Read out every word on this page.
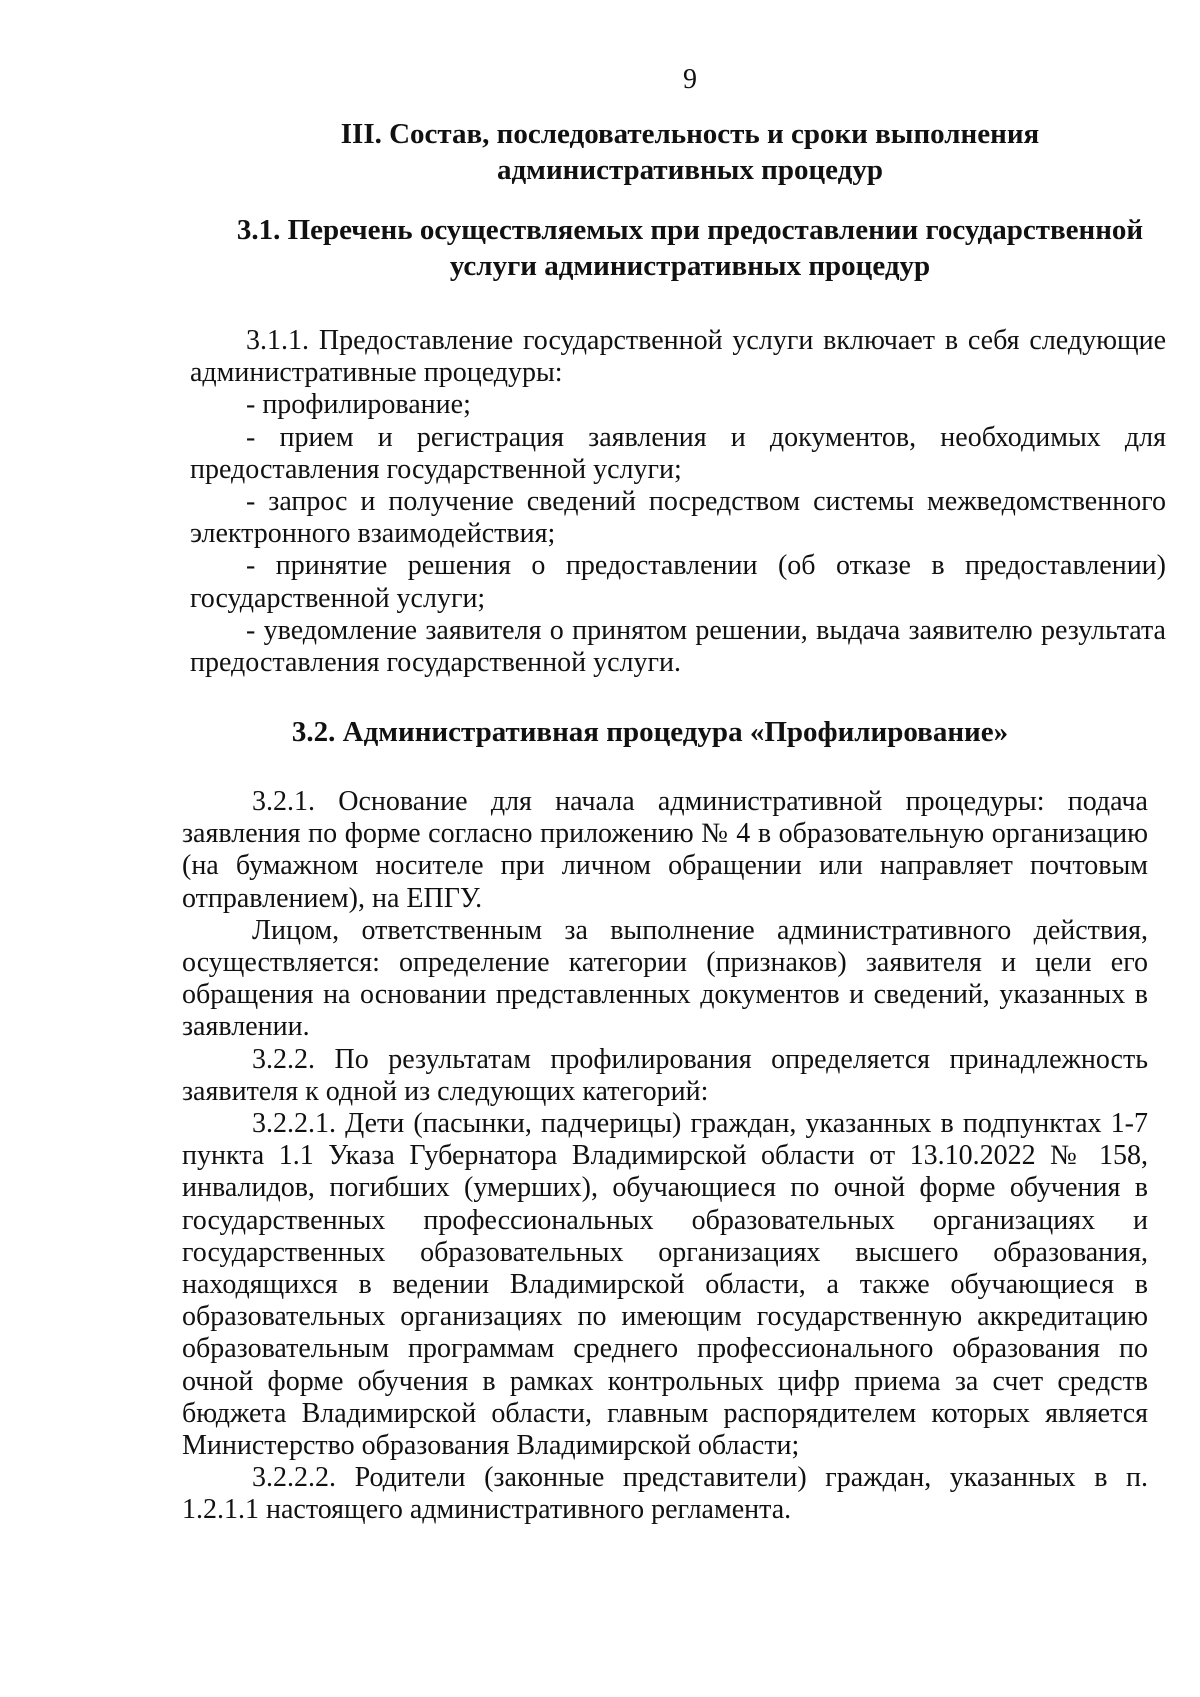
9
III. Состав, последовательность и сроки выполнения
административных процедур
3.1. Перечень осуществляемых при предоставлении государственной
услуги административных процедур

3.1.1. Предоставление государственной услуги включает в себя следующие административные процедуры:

- профилирование;

- прием и регистрация заявления и документов, необходимых для предоставления государственной услуги;

- запрос и получение сведений посредством системы межведомственного электронного взаимодействия;

- принятие решения о предоставлении (об отказе в предоставлении) государственной услуги;

- уведомление заявителя о принятом решении, выдача заявителю результата предоставления государственной услуги.

3.2. Административная процедура «Профилирование»

3.2.1. Основание для начала административной процедуры: подача заявления по форме согласно приложению № 4 в образовательную организацию (на бумажном носителе при личном обращении или направляет почтовым отправлением), на ЕПГУ.

Лицом, ответственным за выполнение административного действия, осуществляется: определение категории (признаков) заявителя и цели его обращения на основании представленных документов и сведений, указанных в заявлении.

3.2.2. По результатам профилирования определяется принадлежность заявителя к одной из следующих категорий:

3.2.2.1. Дети (пасынки, падчерицы) граждан, указанных в подпунктах 1-7 пункта 1.1 Указа Губернатора Владимирской области от 13.10.2022 № 158, инвалидов, погибших (умерших), обучающиеся по очной форме обучения в государственных профессиональных образовательных организациях и государственных образовательных организациях высшего образования, находящихся в ведении Владимирской области, а также обучающиеся в образовательных организациях по имеющим государственную аккредитацию образовательным программам среднего профессионального образования по очной форме обучения в рамках контрольных цифр приема за счет средств бюджета Владимирской области, главным распорядителем которых является Министерство образования Владимирской области;

3.2.2.2. Родители (законные представители) граждан, указанных в п. 1.2.1.1 настоящего административного регламента.
